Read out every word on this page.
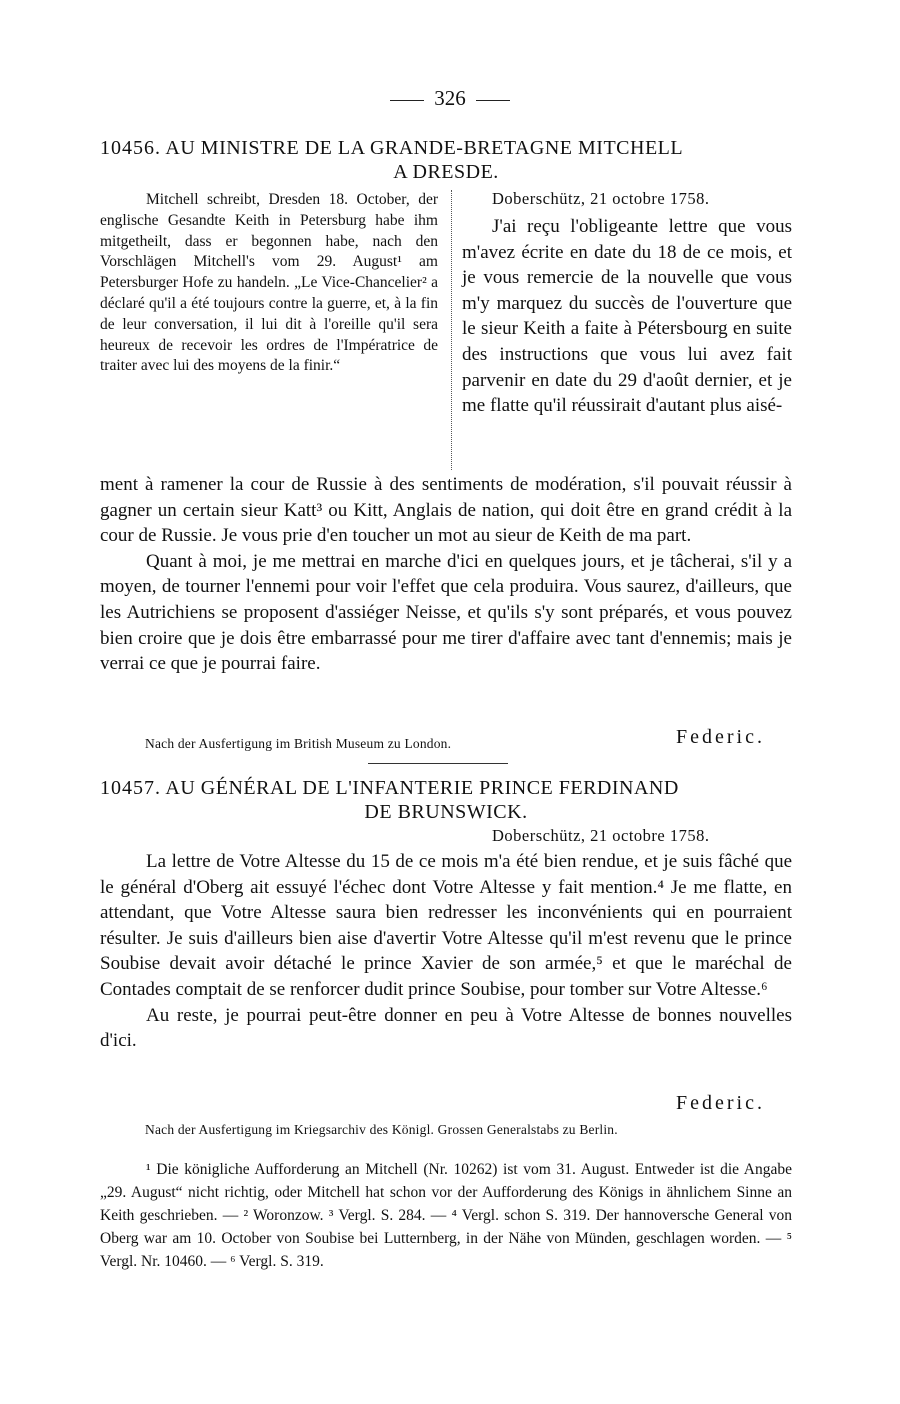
326
10456. AU MINISTRE DE LA GRANDE-BRETAGNE MITCHELL
A DRESDE.

Mitchell schreibt, Dresden 18. October, der englische Gesandte Keith in Petersburg habe ihm mitgetheilt, dass er begonnen habe, nach den Vorschlägen Mitchell's vom 29. August¹ am Petersburger Hofe zu handeln. „Le Vice-Chancelier² a déclaré qu'il a été toujours contre la guerre, et, à la fin de leur conversation, il lui dit à l'oreille qu'il sera heureux de recevoir les ordres de l'Impératrice de traiter avec lui des moyens de la finir.“

Doberschütz, 21 octobre 1758.

J'ai reçu l'obligeante lettre que vous m'avez écrite en date du 18 de ce mois, et je vous remercie de la nouvelle que vous m'y marquez du succès de l'ouverture que le sieur Keith a faite à Pétersbourg en suite des instructions que vous lui avez fait parvenir en date du 29 d'août dernier, et je me flatte qu'il réussirait d'autant plus aisé-

ment à ramener la cour de Russie à des sentiments de modération, s'il pouvait réussir à gagner un certain sieur Katt³ ou Kitt, Anglais de nation, qui doit être en grand crédit à la cour de Russie. Je vous prie d'en toucher un mot au sieur de Keith de ma part.

Quant à moi, je me mettrai en marche d'ici en quelques jours, et je tâcherai, s'il y a moyen, de tourner l'ennemi pour voir l'effet que cela produira. Vous saurez, d'ailleurs, que les Autrichiens se proposent d'assiéger Neisse, et qu'ils s'y sont préparés, et vous pouvez bien croire que je dois être embarrassé pour me tirer d'affaire avec tant d'ennemis; mais je verrai ce que je pourrai faire.

Nach der Ausfertigung im British Museum zu London.	Federic.
10457. AU GÉNÉRAL DE L'INFANTERIE PRINCE FERDINAND
DE BRUNSWICK.
Doberschütz, 21 octobre 1758.

La lettre de Votre Altesse du 15 de ce mois m'a été bien rendue, et je suis fâché que le général d'Oberg ait essuyé l'échec dont Votre Altesse y fait mention.⁴ Je me flatte, en attendant, que Votre Altesse saura bien redresser les inconvénients qui en pourraient résulter. Je suis d'ailleurs bien aise d'avertir Votre Altesse qu'il m'est revenu que le prince Soubise devait avoir détaché le prince Xavier de son armée,⁵ et que le maréchal de Contades comptait de se renforcer dudit prince Soubise, pour tomber sur Votre Altesse.⁶

Au reste, je pourrai peut-être donner en peu à Votre Altesse de bonnes nouvelles d'ici.

Federic.
Nach der Ausfertigung im Kriegsarchiv des Königl. Grossen Generalstabs zu Berlin.

¹ Die königliche Aufforderung an Mitchell (Nr. 10262) ist vom 31. August. Entweder ist die Angabe „29. August“ nicht richtig, oder Mitchell hat schon vor der Aufforderung des Königs in ähnlichem Sinne an Keith geschrieben. — ² Woronzow. ³ Vergl. S. 284. — ⁴ Vergl. schon S. 319. Der hannoversche General von Oberg war am 10. October von Soubise bei Lutternberg, in der Nähe von Münden, geschlagen worden. — ⁵ Vergl. Nr. 10460. — ⁶ Vergl. S. 319.
